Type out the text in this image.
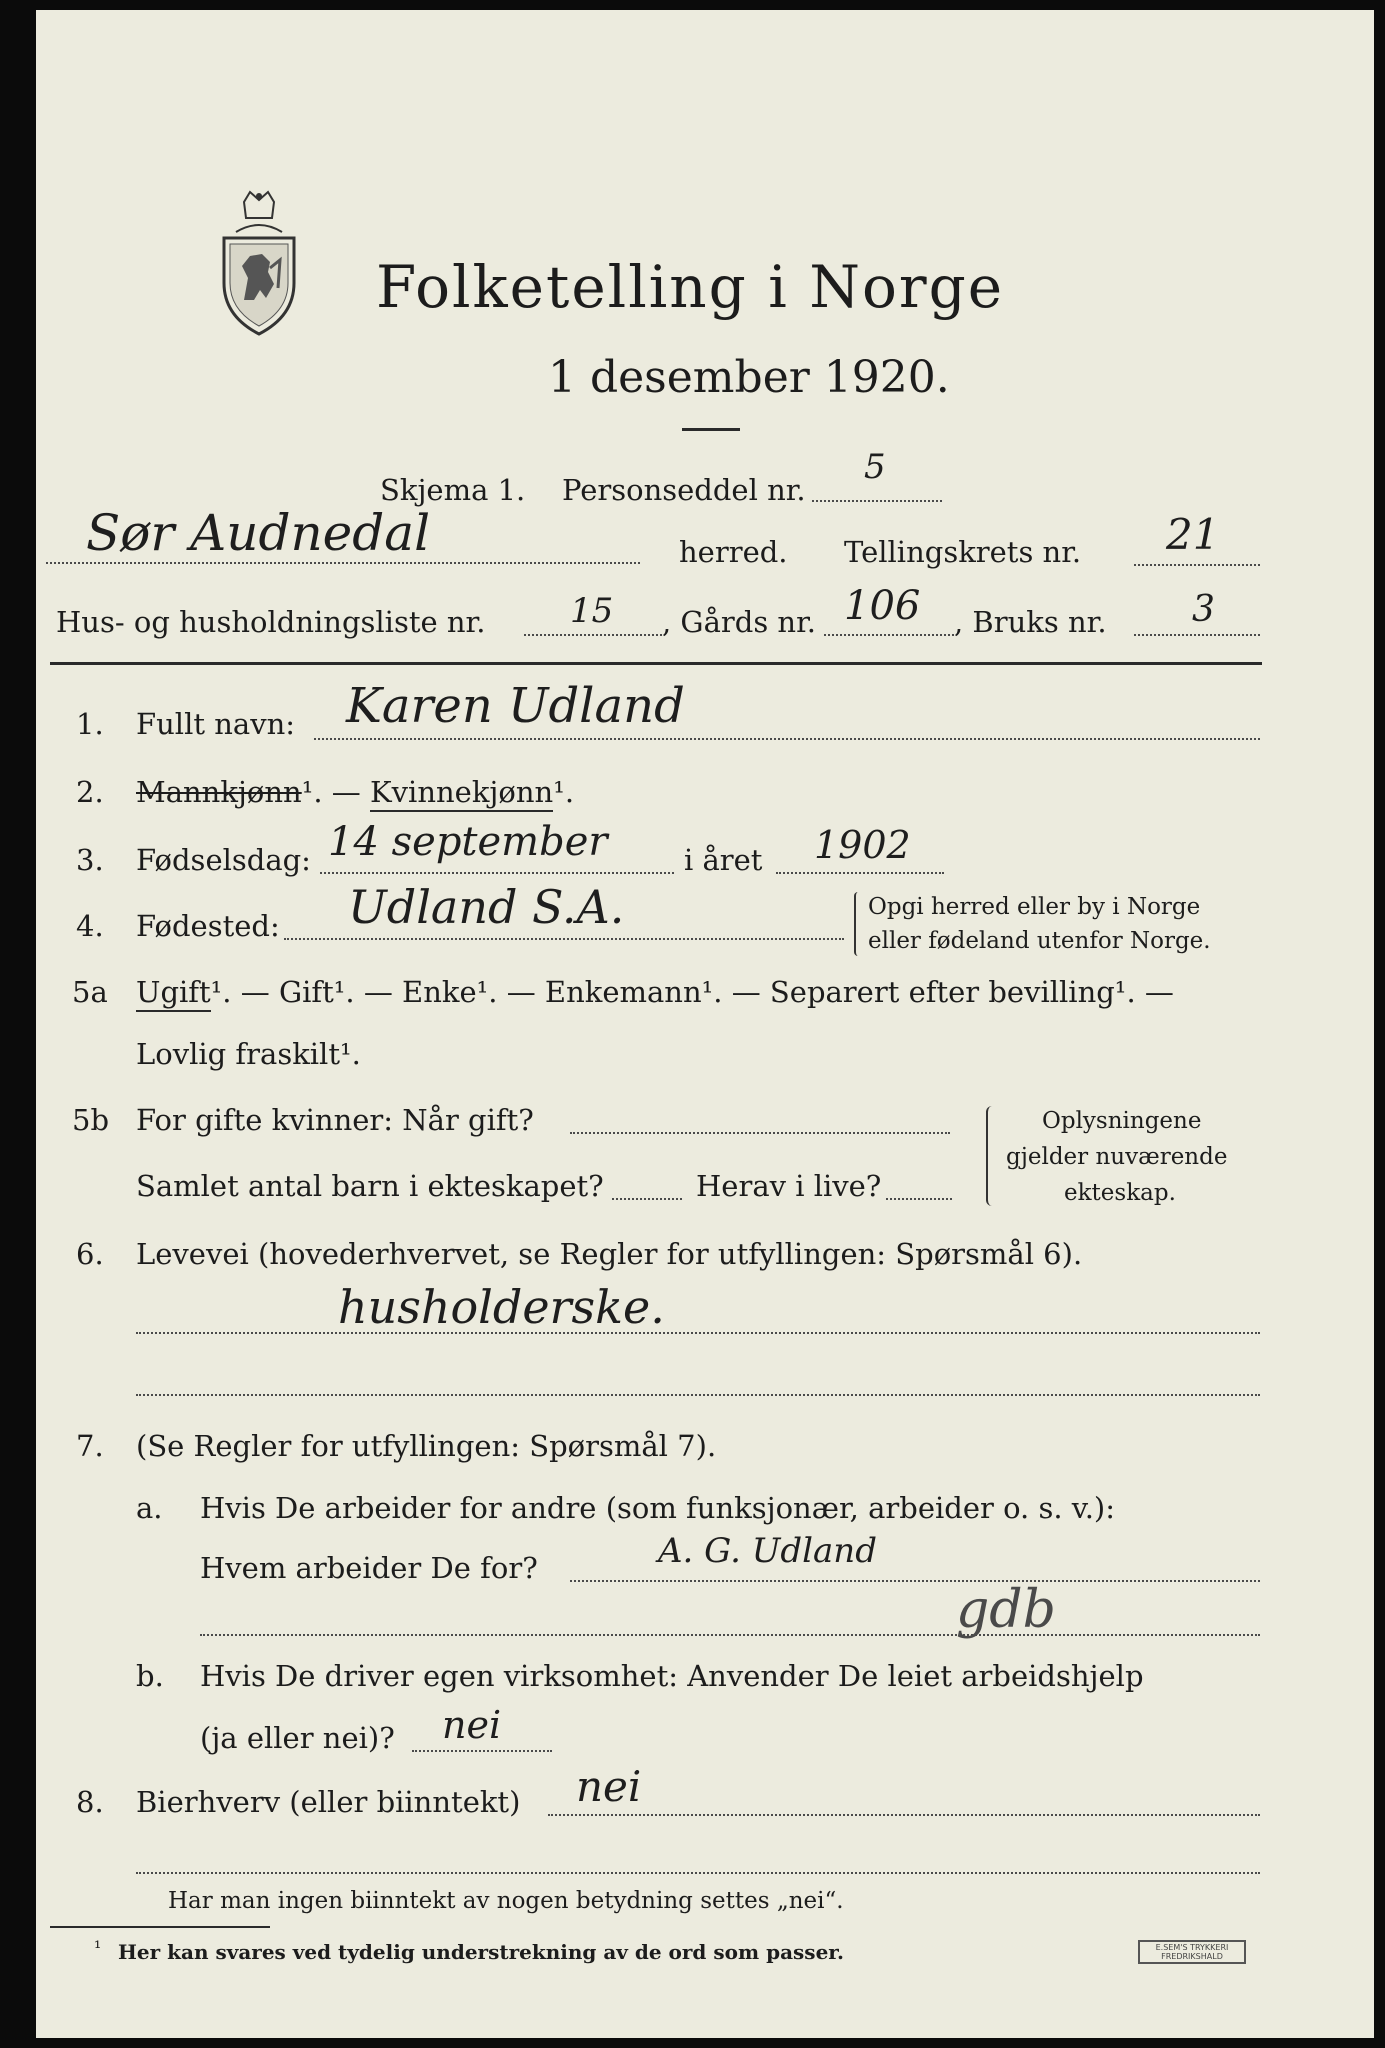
Folketelling i Norge
1 desember 1920.
Skjema 1. Personseddel nr.
5
Sør Audnedal	herred. Tellingskrets nr. 21
Hus- og husholdningsliste nr. 15 , Gårds nr. 106 , Bruks nr. 3
1. Fullt navn: Karen Udland
2. Mannkjønn¹. — Kvinnekjønn¹.
3. Fødselsdag: 14 september	i året 1902
4. Fødested: Udland S.A.	Opgi herred eller by i Norge
eller fødeland utenfor Norge.
5a Ugift¹. — Gift¹. — Enke¹. — Enkemann¹. — Separert efter bevilling¹. —
Lovlig fraskilt¹.
5b For gifte kvinner: Når gift?
Samlet antal barn i ekteskapet?	Herav i live?
Oplysningene
gjelder nuværende
ekteskap.
6. Levevei (hovederhvervet, se Regler for utfyllingen: Spørsmål 6).
husholderske.
7. (Se Regler for utfyllingen: Spørsmål 7).
a. Hvis De arbeider for andre (som funksjonær, arbeider o. s. v.):
Hvem arbeider De for?	A. G. Udland
gdb
b. Hvis De driver egen virksomhet: Anvender De leiet arbeidshjelp
(ja eller nei)? nei
8. Bierhverv (eller biinntekt) nei
Har man ingen biinntekt av nogen betydning settes „nei“.
¹ Her kan svares ved tydelig understrekning av de ord som passer.	E.SEM'S TRYKKERI
FREDRIKSHALD
